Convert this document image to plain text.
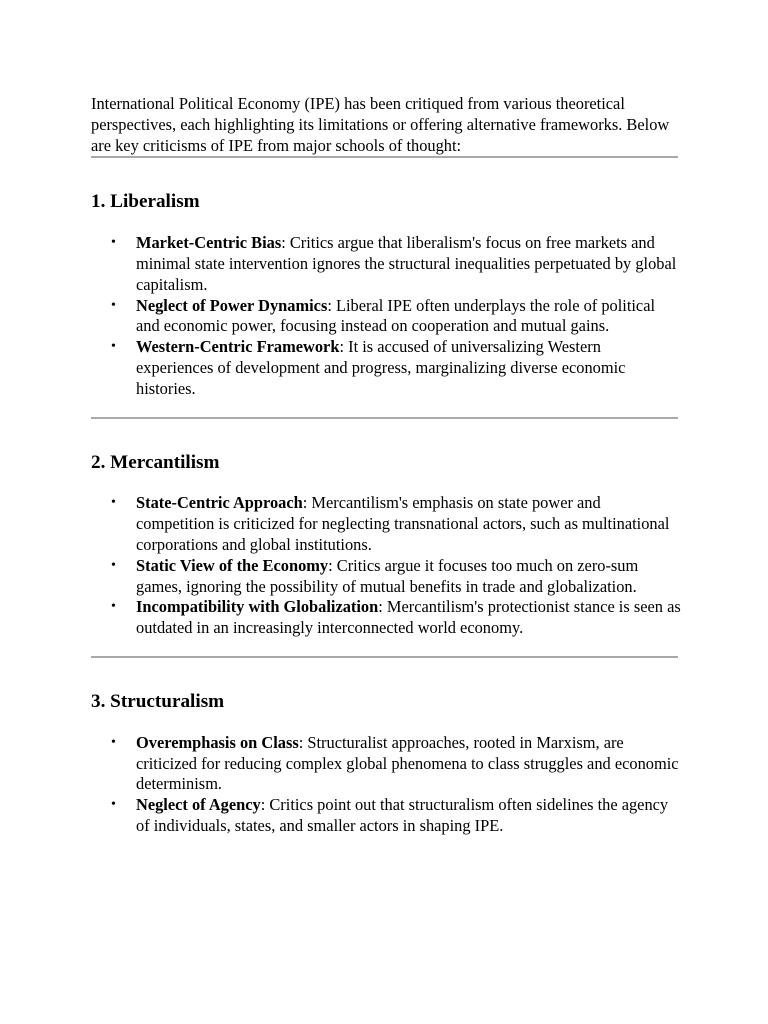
International Political Economy (IPE) has been critiqued from various theoretical perspectives, each highlighting its limitations or offering alternative frameworks. Below are key criticisms of IPE from major schools of thought:

1. Liberalism
• Market-Centric Bias: Critics argue that liberalism's focus on free markets and minimal state intervention ignores the structural inequalities perpetuated by global capitalism.
• Neglect of Power Dynamics: Liberal IPE often underplays the role of political and economic power, focusing instead on cooperation and mutual gains.
• Western-Centric Framework: It is accused of universalizing Western experiences of development and progress, marginalizing diverse economic histories.
2. Mercantilism
• State-Centric Approach: Mercantilism's emphasis on state power and competition is criticized for neglecting transnational actors, such as multinational corporations and global institutions.
• Static View of the Economy: Critics argue it focuses too much on zero-sum games, ignoring the possibility of mutual benefits in trade and globalization.
• Incompatibility with Globalization: Mercantilism's protectionist stance is seen as outdated in an increasingly interconnected world economy.
3. Structuralism
• Overemphasis on Class: Structuralist approaches, rooted in Marxism, are criticized for reducing complex global phenomena to class struggles and economic determinism.
• Neglect of Agency: Critics point out that structuralism often sidelines the agency of individuals, states, and smaller actors in shaping IPE.
